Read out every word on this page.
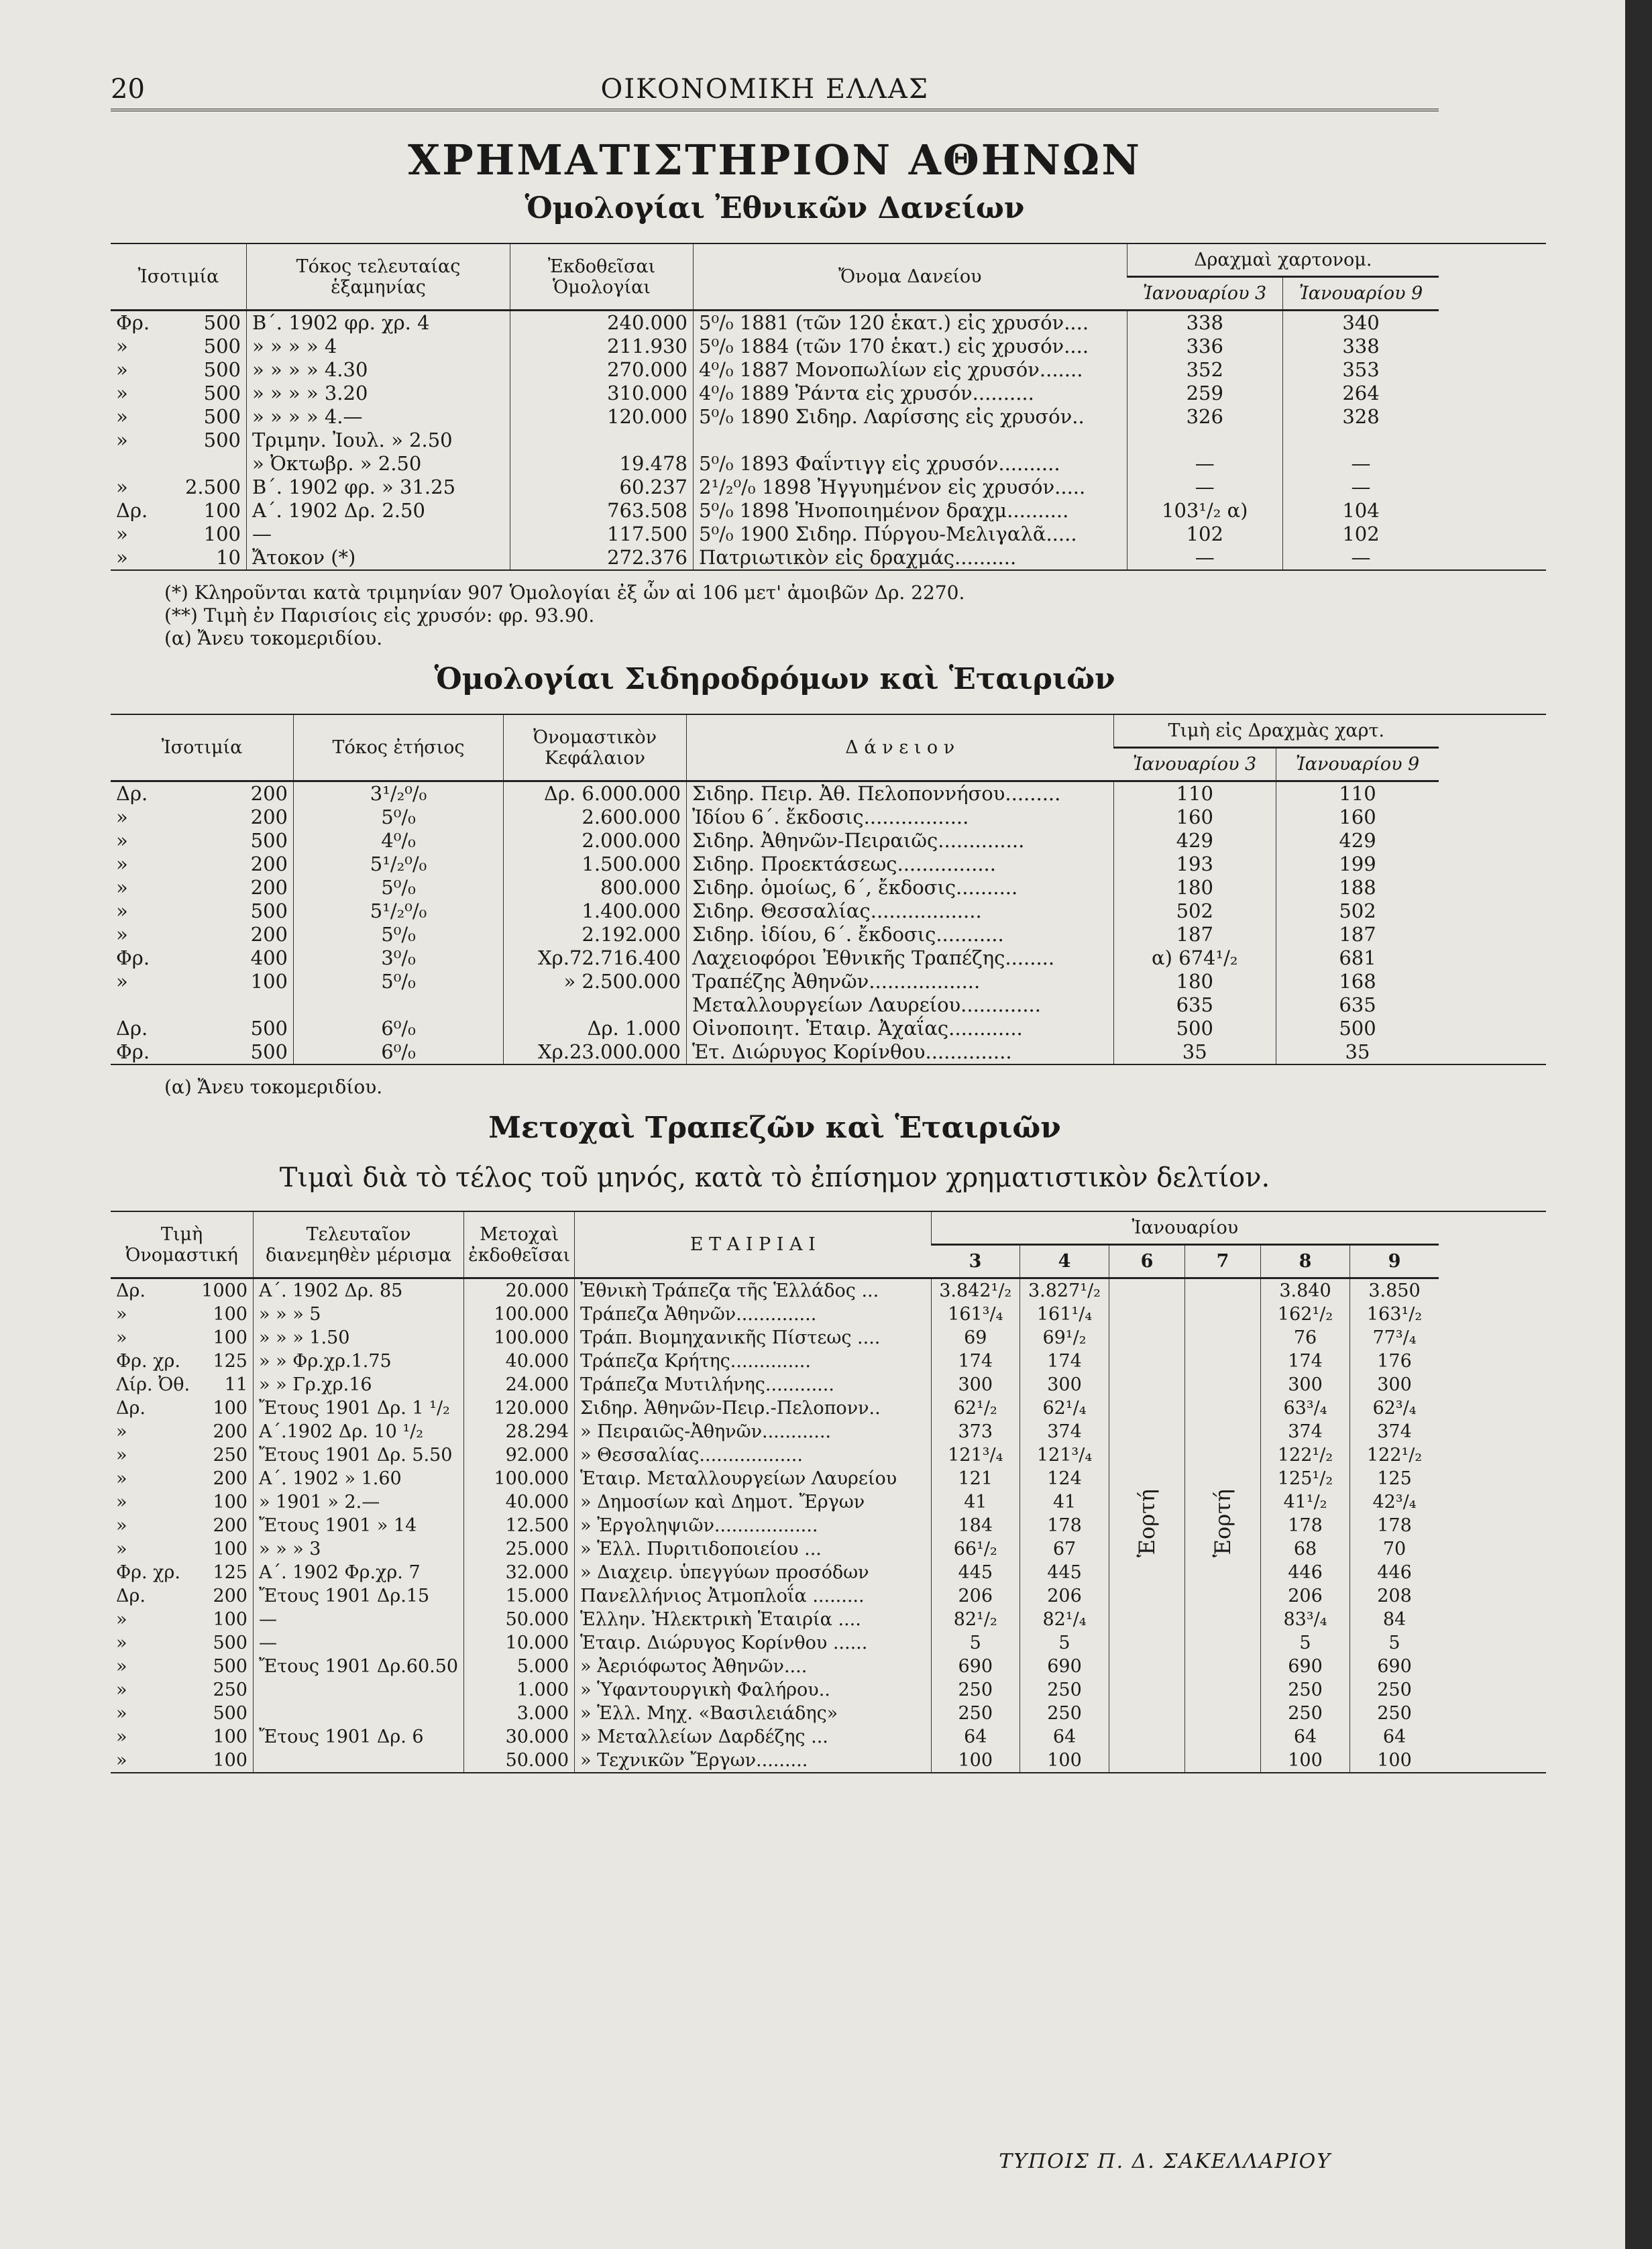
20	ΟΙΚΟΝΟΜΙΚΗ ΕΛΛΑΣ
ΧΡΗΜΑΤΙΣΤΗΡΙΟΝ ΑΘΗΝΩΝ
Ὁμολογίαι Ἐθνικῶν Δανείων
Ἰσοτιμία	Τόκος τελευταίας ἑξαμηνίας	Ἐκδοθεῖσαι Ὁμολογίαι	Ὄνομα Δανείου	Δραχμαὶ χαρτονομ.	
				Ἰανουαρίου 3	Ἰανουαρίου 9

Φρ. 500	Β΄. 1902 φρ. χρ. 4	240.000	5⁰/₀ 1881 (τῶν 120 ἑκατ.) εἰς χρυσόν....	338	340

» 500	» » » » 4	211.930	5⁰/₀ 1884 (τῶν 170 ἑκατ.) εἰς χρυσόν....	336	338

» 500	» » » » 4.30	270.000	4⁰/₀ 1887 Μονοπωλίων εἰς χρυσόν.......	352	353

» 500	» » » » 3.20	310.000	4⁰/₀ 1889 Ῥάντα εἰς χρυσόν..........	259	264

» 500	» » » » 4.—	120.000	5⁰/₀ 1890 Σιδηρ. Λαρίσσης εἰς χρυσόν..	326	328

» 500	Τριμην. Ἰουλ. » 2.50				

	» Ὀκτωβρ. » 2.50	19.478	5⁰/₀ 1893 Φαΐντιγγ εἰς χρυσόν..........	—	—

» 2.500	Β΄. 1902 φρ. » 31.25	60.237	2¹/₂⁰/₀ 1898 Ἠγγυημένον εἰς χρυσόν.....	—	—

Δρ. 100	Α΄. 1902 Δρ. 2.50	763.508	5⁰/₀ 1898 Ἡνοποιημένον δραχμ..........	103¹/₂ α)	104

» 100	—	117.500	5⁰/₀ 1900 Σιδηρ. Πύργου-Μελιγαλᾶ.....	102	102

» 10	Ἄτοκον (*)	272.376	Πατριωτικὸν εἰς δραχμάς..........	—	—
(*) Κληροῦνται κατὰ τριμηνίαν 907 Ὁμολογίαι ἐξ ὧν αἱ 106 μετ' ἀμοιβῶν Δρ. 2270.
(**) Τιμὴ ἐν Παρισίοις εἰς χρυσόν: φρ. 93.90.
(α) Ἄνευ τοκομεριδίου.
Ὁμολογίαι Σιδηροδρόμων καὶ Ἑταιριῶν
Ἰσοτιμία	Τόκος ἐτήσιος	Ὀνομαστικὸν Κεφάλαιον	Δ ά ν ε ι ο ν	Τιμὴ εἰς Δραχμὰς χαρτ.	
				Ἰανουαρίου 3	Ἰανουαρίου 9

Δρ. 200	3¹/₂⁰/₀	Δρ. 6.000.000	Σιδηρ. Πειρ. Ἀθ. Πελοποννήσου.........	110	110

» 200	5⁰/₀	2.600.000	Ἰδίου 6΄. ἔκδοσις.................	160	160

» 500	4⁰/₀	2.000.000	Σιδηρ. Ἀθηνῶν-Πειραιῶς..............	429	429

» 200	5¹/₂⁰/₀	1.500.000	Σιδηρ. Προεκτάσεως................	193	199

» 200	5⁰/₀	800.000	Σιδηρ. ὁμοίως, 6΄, ἔκδοσις..........	180	188

» 500	5¹/₂⁰/₀	1.400.000	Σιδηρ. Θεσσαλίας..................	502	502

» 200	5⁰/₀	2.192.000	Σιδηρ. ἰδίου, 6΄. ἔκδοσις...........	187	187

Φρ. 400	3⁰/₀	Χρ.72.716.400	Λαχειοφόροι Ἐθνικῆς Τραπέζης........	α) 674¹/₂	681

» 100	5⁰/₀	» 2.500.000	Τραπέζης Ἀθηνῶν..................	180	168

			Μεταλλουργείων Λαυρείου.............	635	635

Δρ. 500	6⁰/₀	Δρ. 1.000	Οἰνοποιητ. Ἑταιρ. Ἀχαΐας............	500	500

Φρ. 500	6⁰/₀	Χρ.23.000.000	Ἑτ. Διώρυγος Κορίνθου..............	35	35
(α) Ἄνευ τοκομεριδίου.
Μετοχαὶ Τραπεζῶν καὶ Ἑταιριῶν
Τιμαὶ διὰ τὸ τέλος τοῦ μηνός, κατὰ τὸ ἐπίσημον χρηματιστικὸν δελτίον.
Τιμὴ Ὀνομαστική	Τελευταῖον διανεμηθὲν μέρισμα	Μετοχαὶ ἐκδοθεῖσαι	Ε Τ Α Ι Ρ Ι Α Ι	Ἰανουαρίου					
				3	4	6	7	8	9

Δρ. 1000	Α΄. 1902 Δρ. 85	20.000	Ἐθνικὴ Τράπεζα τῆς Ἑλλάδος ...	3.842¹/₂	3.827¹/₂	Ἑορτή	Ἑορτή	3.840	3.850

» 100	» » » 5	100.000	Τράπεζα Ἀθηνῶν..............	161³/₄	161¹/₄			162¹/₂	163¹/₂

» 100	» » » 1.50	100.000	Τράπ. Βιομηχανικῆς Πίστεως ....	69	69¹/₂			76	77³/₄

Φρ. χρ. 125	» » Φρ.χρ.1.75	40.000	Τράπεζα Κρήτης..............	174	174			174	176

Λίρ. Ὀθ. 11	» » Γρ.χρ.16	24.000	Τράπεζα Μυτιλήνης............	300	300			300	300

Δρ. 100	Ἔτους 1901 Δρ. 1 ¹/₂	120.000	Σιδηρ. Ἀθηνῶν-Πειρ.-Πελοπονν..	62¹/₂	62¹/₄			63³/₄	62³/₄

» 200	Α΄.1902 Δρ. 10 ¹/₂	28.294	» Πειραιῶς-Ἀθηνῶν............	373	374			374	374

» 250	Ἔτους 1901 Δρ. 5.50	92.000	» Θεσσαλίας..................	121³/₄	121³/₄			122¹/₂	122¹/₂

» 200	Α΄. 1902 » 1.60	100.000	Ἑταιρ. Μεταλλουργείων Λαυρείου	121	124			125¹/₂	125

» 100	» 1901 » 2.—	40.000	» Δημοσίων καὶ Δημοτ. Ἔργων	41	41			41¹/₂	42³/₄

» 200	Ἔτους 1901 » 14	12.500	» Ἐργοληψιῶν..................	184	178			178	178

» 100	» » » 3	25.000	» Ἑλλ. Πυριτιδοποιείου ...	66¹/₂	67			68	70

Φρ. χρ. 125	Α΄. 1902 Φρ.χρ. 7	32.000	» Διαχειρ. ὑπεγγύων προσόδων	445	445			446	446

Δρ. 200	Ἔτους 1901 Δρ.15	15.000	Πανελλήνιος Ἀτμοπλοΐα .........	206	206			206	208

» 100	—	50.000	Ἑλλην. Ἠλεκτρικὴ Ἑταιρία ....	82¹/₂	82¹/₄			83³/₄	84

» 500	—	10.000	Ἑταιρ. Διώρυγος Κορίνθου ......	5	5			5	5

» 500	Ἔτους 1901 Δρ.60.50	5.000	» Ἀεριόφωτος Ἀθηνῶν....	690	690			690	690

» 250		1.000	» Ὑφαντουργικὴ Φαλήρου..	250	250			250	250

» 500		3.000	» Ἑλλ. Μηχ. «Βασιλειάδης»	250	250			250	250

» 100	Ἔτους 1901 Δρ. 6	30.000	» Μεταλλείων Δαρδέζης ...	64	64			64	64

» 100		50.000	» Τεχνικῶν Ἔργων.........	100	100			100	100
ΤΥΠΟΙΣ Π. Δ. ΣΑΚΕΛΛΑΡΙΟΥ
